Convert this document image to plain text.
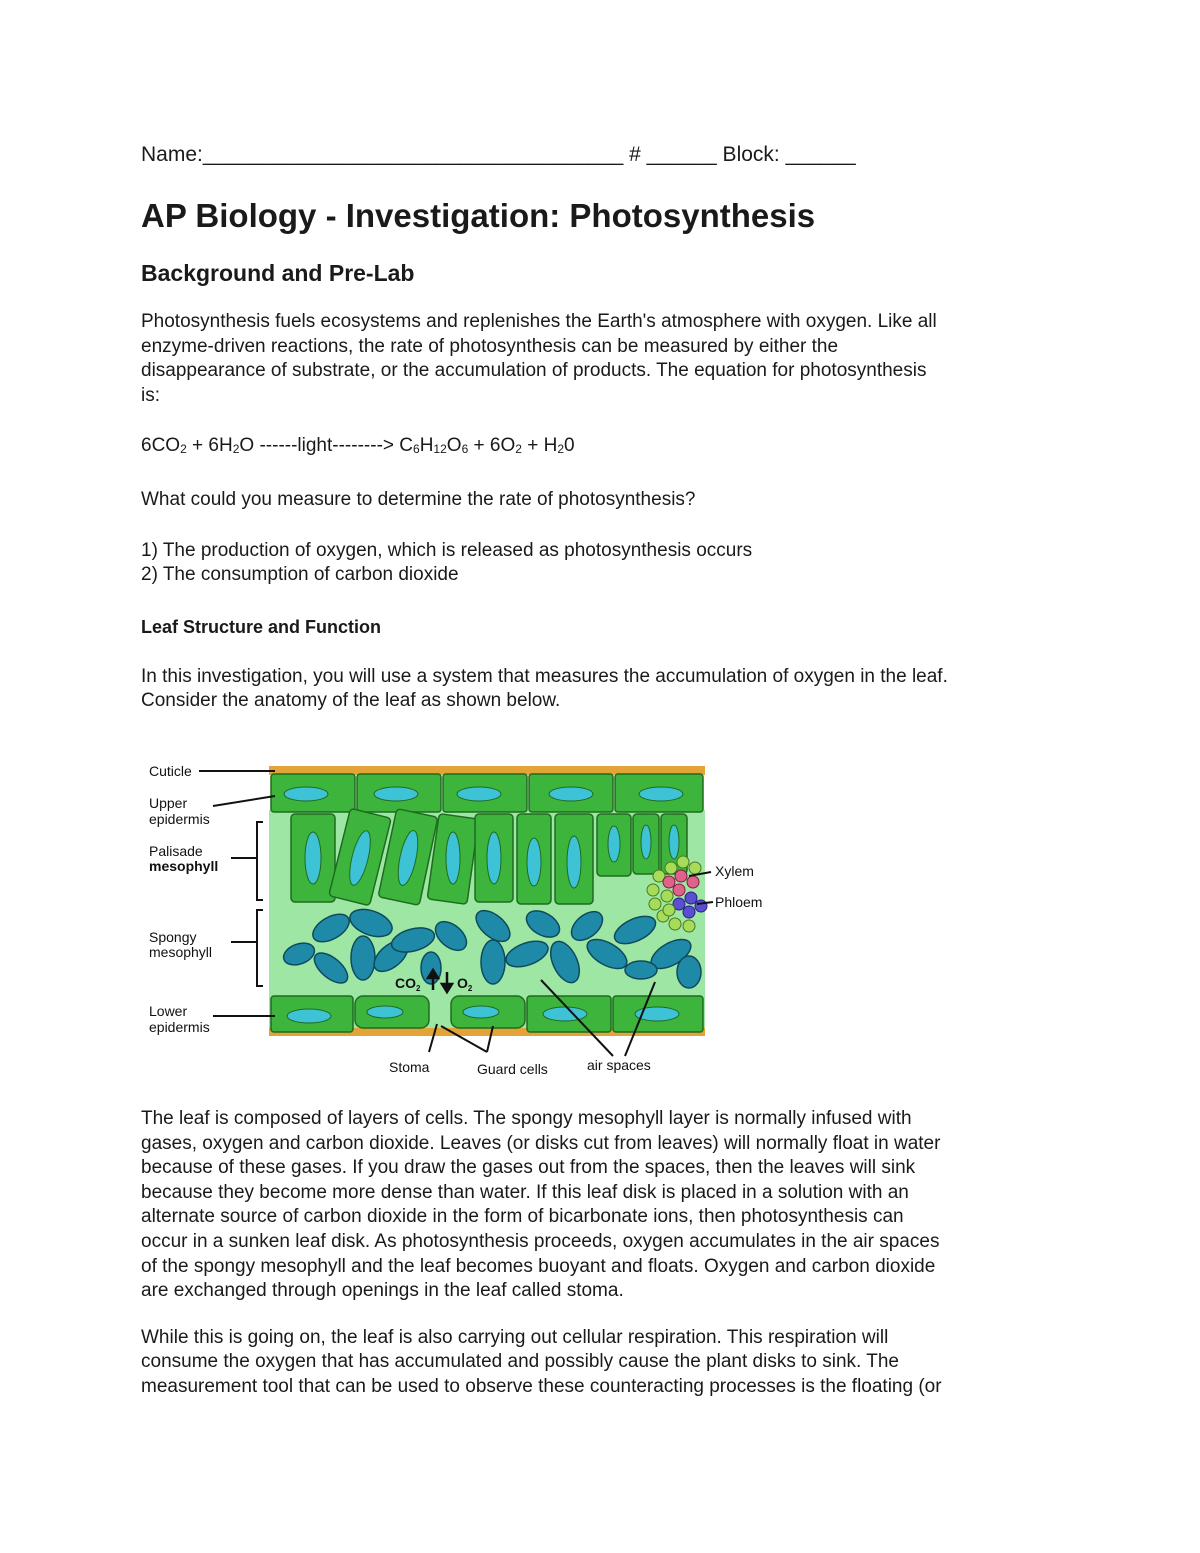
Name:____________________________________ # ______ Block: ______

AP Biology - Investigation: Photosynthesis
Background and Pre-Lab

Photosynthesis fuels ecosystems and replenishes the Earth's atmosphere with oxygen. Like all

enzyme-driven reactions, the rate of photosynthesis can be measured by either the

disappearance of substrate, or the accumulation of products. The equation for photosynthesis

is:

$6CO_2 + 6H_2O$ ------light--------> $C_6H_{12}O_6 + 6O_2 + H_20$

What could you measure to determine the rate of photosynthesis?

1) The production of oxygen, which is released as photosynthesis occurs

2) The consumption of carbon dioxide

Leaf Structure and Function

In this investigation, you will use a system that measures the accumulation of oxygen in the leaf.

Consider the anatomy of the leaf as shown below.

Cuticle
Upper
epidermis
Palisade
mesophyll
Spongy
mesophyll
Lower
epidermis
Xylem
Phloem
Stoma	Guard cells	air spaces
$CO_2$	$O_2$

The leaf is composed of layers of cells. The spongy mesophyll layer is normally infused with

gases, oxygen and carbon dioxide. Leaves (or disks cut from leaves) will normally float in water

because of these gases. If you draw the gases out from the spaces, then the leaves will sink

because they become more dense than water. If this leaf disk is placed in a solution with an

alternate source of carbon dioxide in the form of bicarbonate ions, then photosynthesis can

occur in a sunken leaf disk. As photosynthesis proceeds, oxygen accumulates in the air spaces

of the spongy mesophyll and the leaf becomes buoyant and floats. Oxygen and carbon dioxide

are exchanged through openings in the leaf called stoma.

While this is going on, the leaf is also carrying out cellular respiration. This respiration will

consume the oxygen that has accumulated and possibly cause the plant disks to sink. The

measurement tool that can be used to observe these counteracting processes is the floating (or
